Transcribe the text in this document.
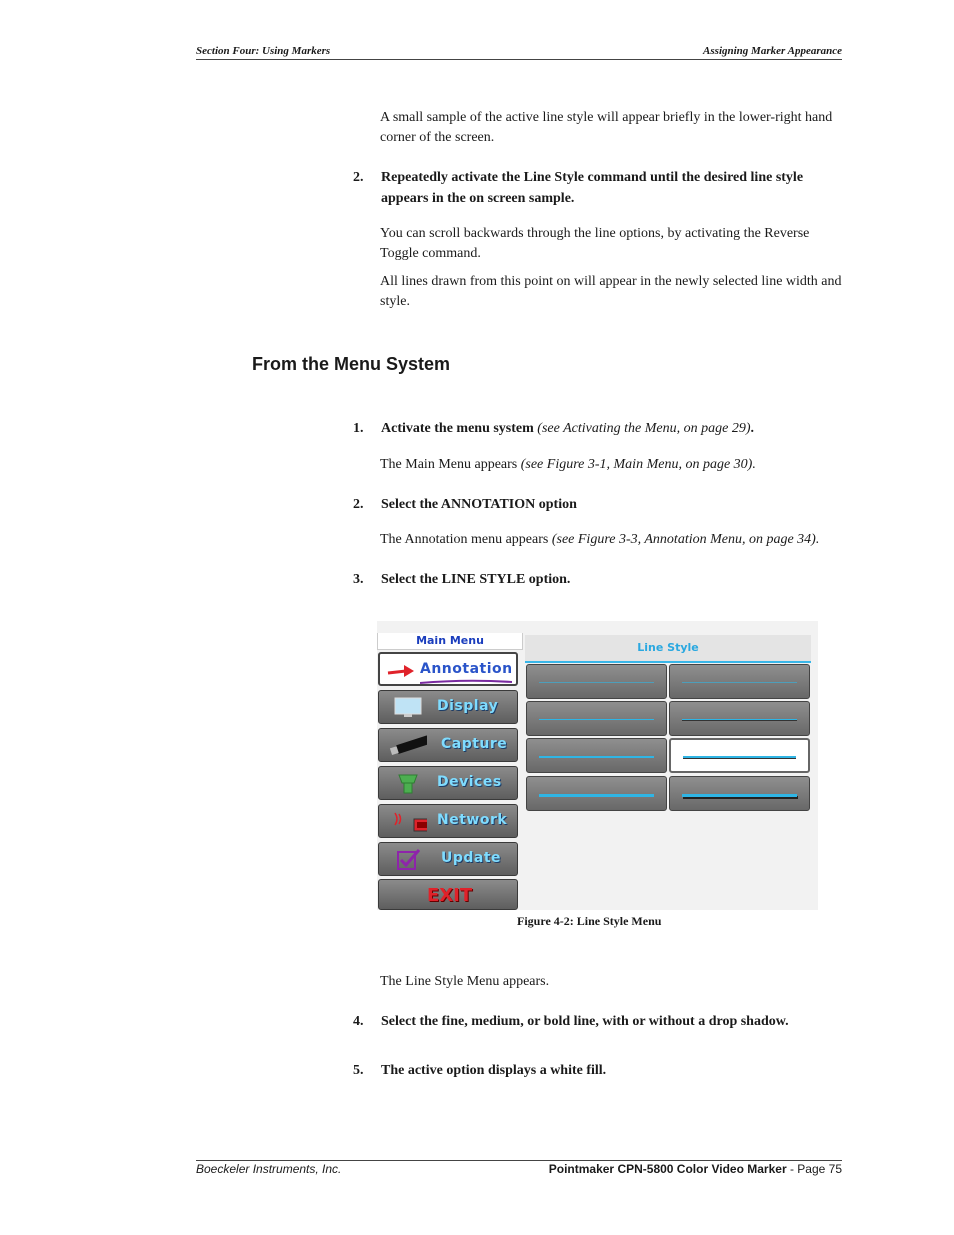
Section Four: Using Markers	Assigning Marker Appearance
A small sample of the active line style will appear briefly in the lower-right hand corner of the screen.
2. Repeatedly activate the Line Style command until the desired line style appears in the on screen sample.
You can scroll backwards through the line options, by activating the Reverse Toggle command.
All lines drawn from this point on will appear in the newly selected line width and style.
From the Menu System
1. Activate the menu system (see Activating the Menu, on page 29).
The Main Menu appears (see Figure 3-1, Main Menu, on page 30).
2. Select the ANNOTATION option
The Annotation menu appears (see Figure 3-3, Annotation Menu, on page 34).
3. Select the LINE STYLE option.
Main Menu
Annotation
Display
Capture
Devices
Network
Update
EXIT
Line Style
Figure 4-2: Line Style Menu
The Line Style Menu appears.
4. Select the fine, medium, or bold line, with or without a drop shadow.
5. The active option displays a white fill.
Boeckeler Instruments, Inc.	Pointmaker CPN-5800 Color Video Marker - Page 75
